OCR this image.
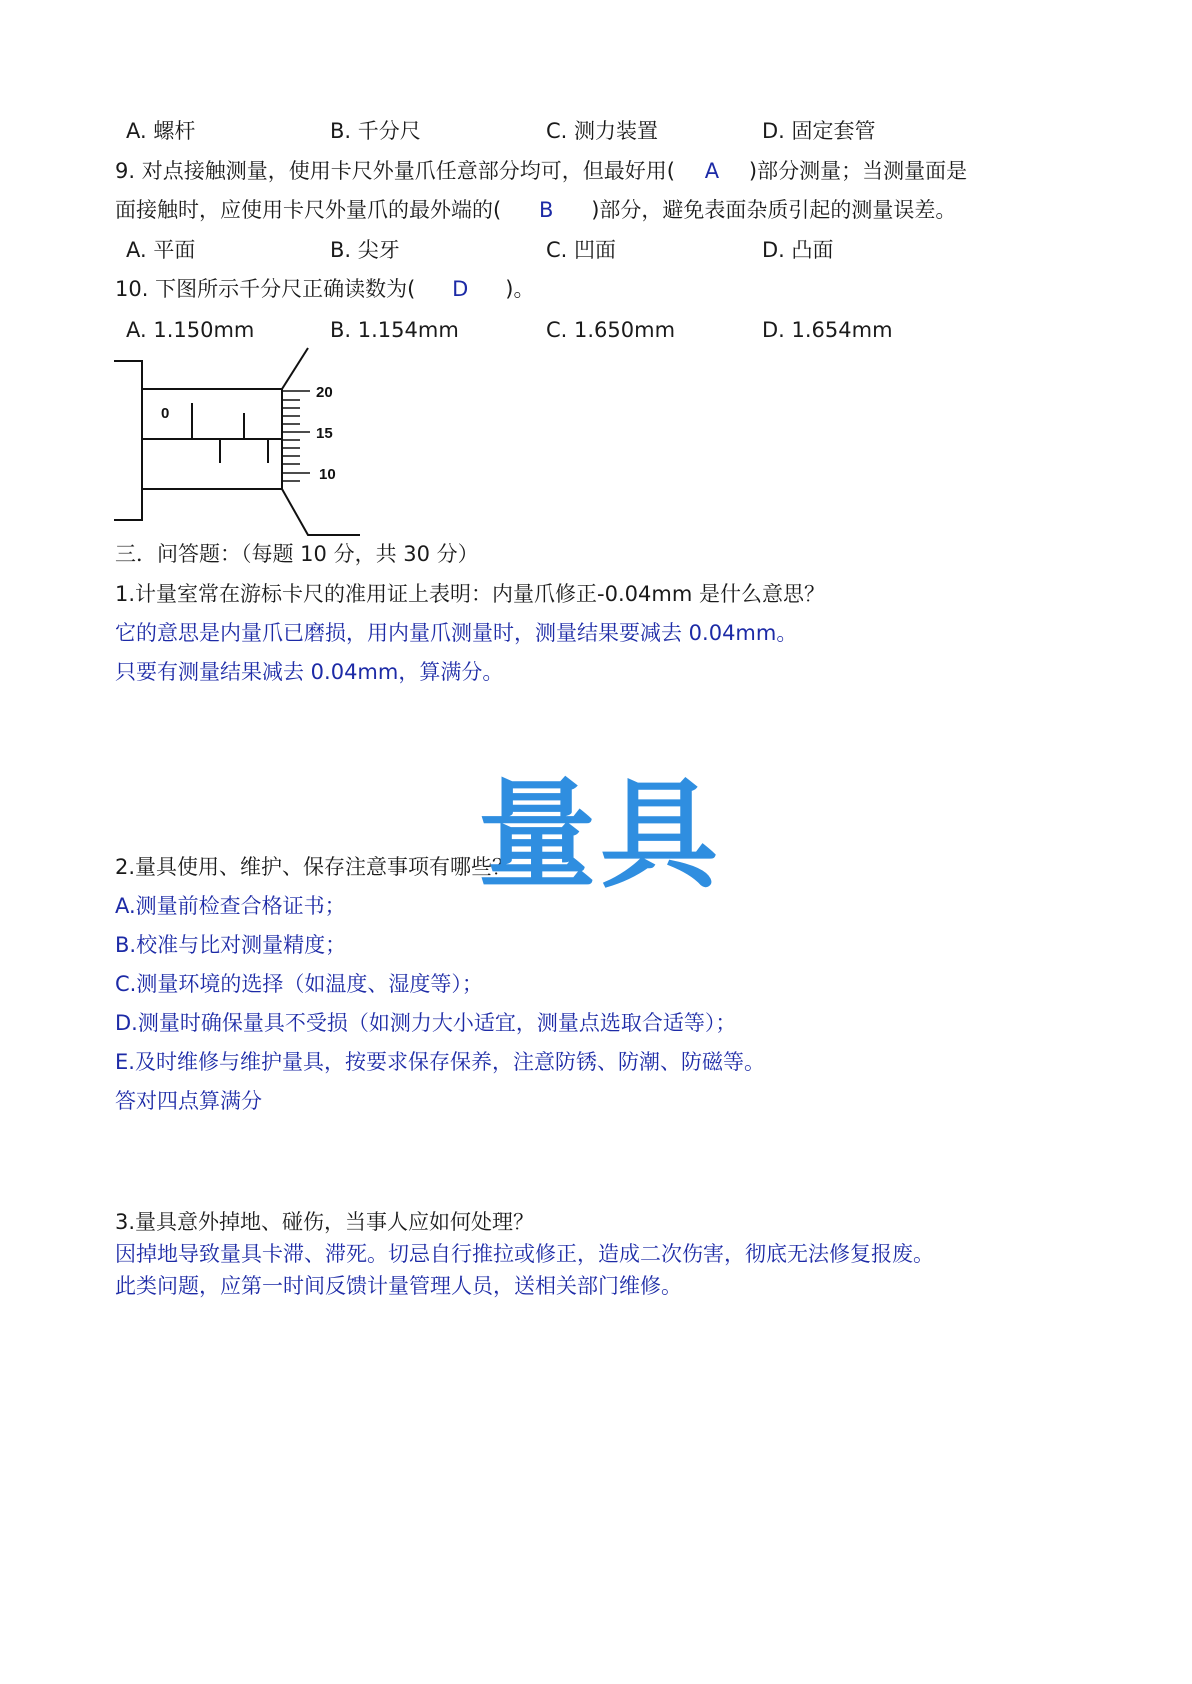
A. 螺杆	B. 千分尺	C. 测力装置	D. 固定套管
9. 对点接触测量，使用卡尺外量爪任意部分均可，但最好用( A )部分测量；当测量面是
面接触时，应使用卡尺外量爪的最外端的( B )部分，避免表面杂质引起的测量误差。
A. 平面	B. 尖牙	C. 凹面	D. 凸面
10. 下图所示千分尺正确读数为( D )。
A. 1.150mm	B. 1.154mm	C. 1.650mm	D. 1.654mm
0
20
15
10
三．问答题：（每题 10 分，共 30 分）
1.计量室常在游标卡尺的准用证上表明：内量爪修正-0.04mm 是什么意思？
它的意思是内量爪已磨损，用内量爪测量时，测量结果要减去 0.04mm。
只要有测量结果减去 0.04mm，算满分。
2.量具使用、维护、保存注意事项有哪些？
A.测量前检查合格证书；
B.校准与比对测量精度；
C.测量环境的选择（如温度、湿度等）；
D.测量时确保量具不受损（如测力大小适宜，测量点选取合适等）；
E.及时维修与维护量具，按要求保存保养，注意防锈、防潮、防磁等。
答对四点算满分
3.量具意外掉地、碰伤，当事人应如何处理？
因掉地导致量具卡滞、滞死。切忌自行推拉或修正，造成二次伤害，彻底无法修复报废。
此类问题，应第一时间反馈计量管理人员，送相关部门维修。
量具
